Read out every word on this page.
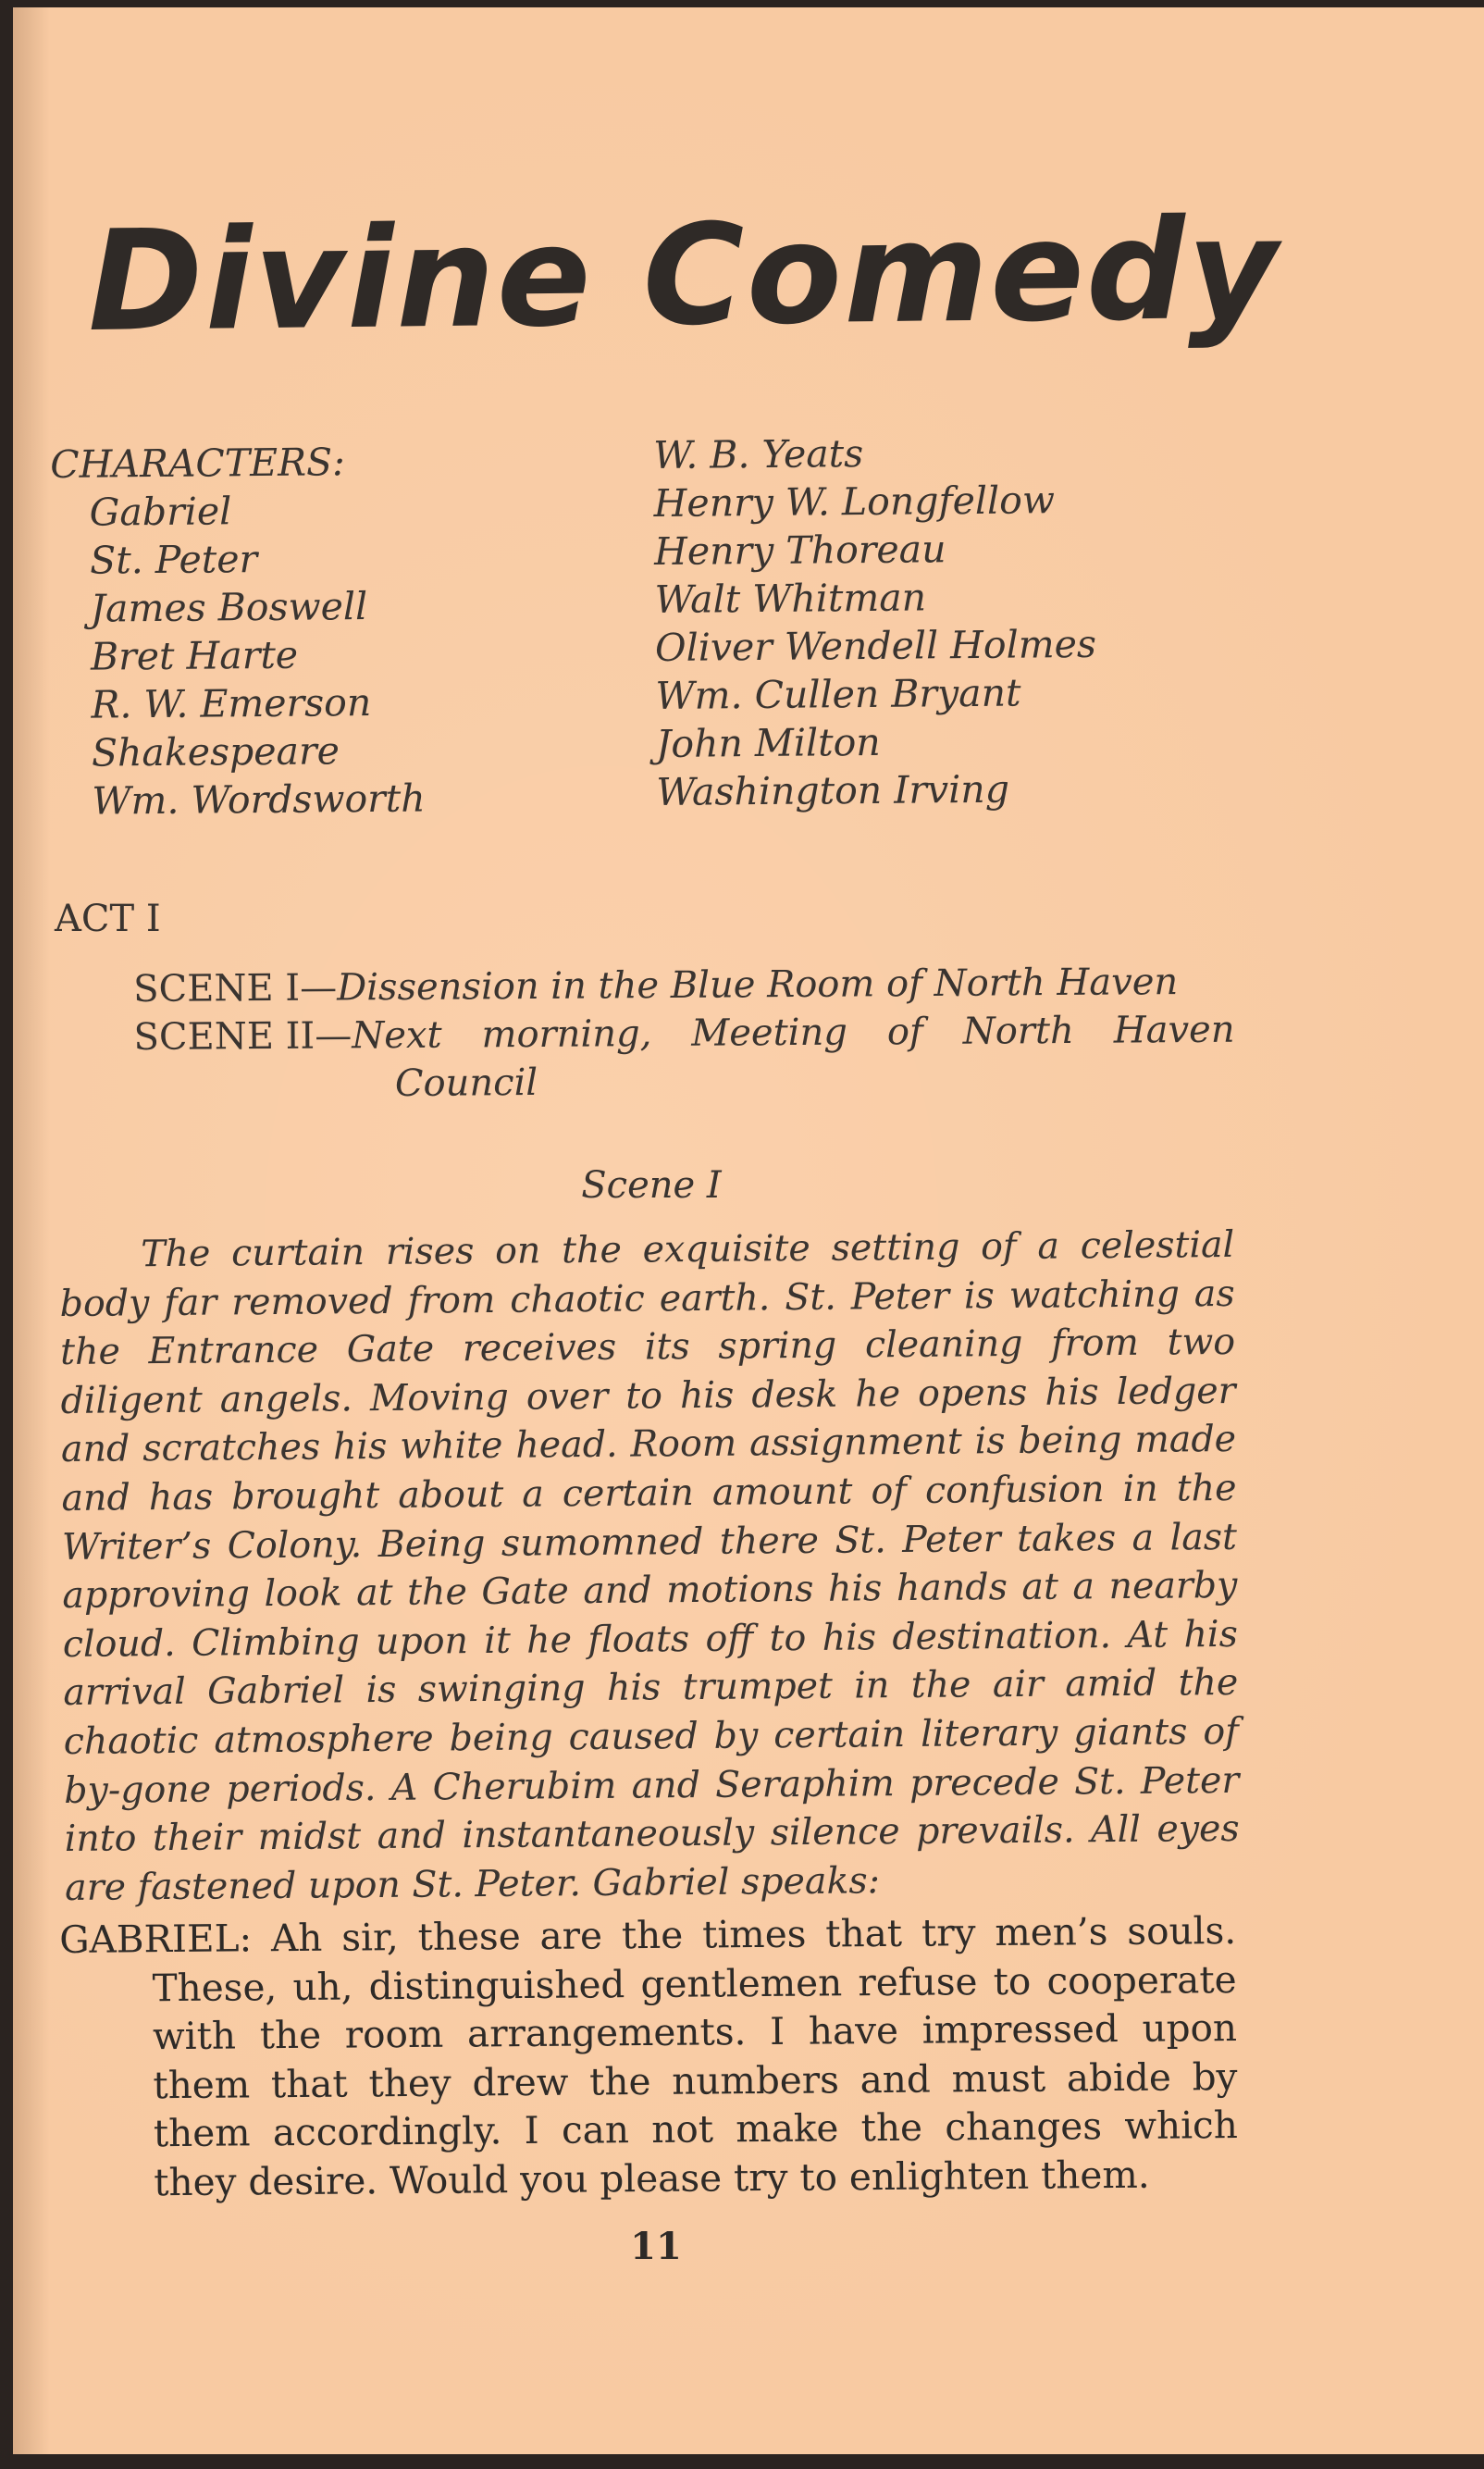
Divine Comedy
CHARACTERS:
Gabriel
St. Peter
James Boswell
Bret Harte
R. W. Emerson
Shakespeare
Wm. Wordsworth
W. B. Yeats
Henry W. Longfellow
Henry Thoreau
Walt Whitman
Oliver Wendell Holmes
Wm. Cullen Bryant
John Milton
Washington Irving
ACT I
SCENE I— Dissension in the Blue Room of North Haven
SCENE II— Next morning, Meeting of North Haven
Council
Scene I

The curtain rises on the exquisite setting of a celestial body far removed from chaotic earth. St. Peter is watching as the Entrance Gate receives its spring cleaning from two diligent angels. Moving over to his desk he opens his ledger and scratches his white head. Room assignment is being made and has brought about a certain amount of confusion in the Writer’s Colony. Being sumomned there St. Peter takes a last approving look at the Gate and motions his hands at a nearby cloud. Climbing upon it he floats off to his destination. At his arrival Gabriel is swinging his trumpet in the air amid the chaotic atmosphere being caused by certain literary giants of by-gone periods. A Cherubim and Seraphim precede St. Peter into their midst and instantaneously silence prevails. All eyes are fastened upon St. Peter. Gabriel speaks:

GABRIEL: Ah sir, these are the times that try men’s souls.
These, uh, distinguished gentlemen refuse to cooperate with the room arrangements. I have impressed upon them that they drew the numbers and must abide by them accordingly. I can not make the changes which they desire. Would you please try to enlighten them.
11
